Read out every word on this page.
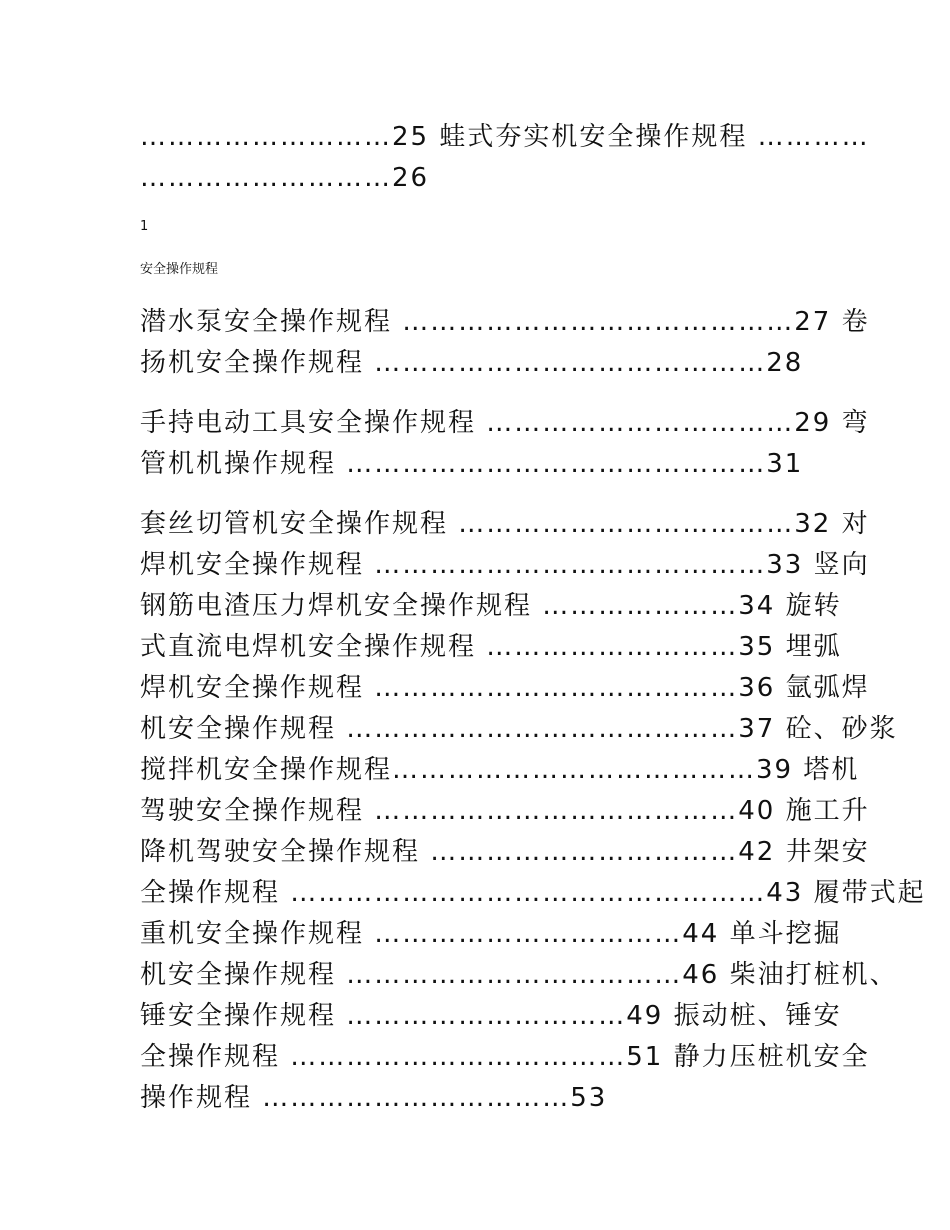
………………………25 蛙式夯实机安全操作规程 …………
………………………26
1
安全操作规程
潜水泵安全操作规程 ……………………………………27 卷
扬机安全操作规程 ……………………………………28
手持电动工具安全操作规程 ……………………………29 弯
管机机操作规程 ………………………………………31
套丝切管机安全操作规程 ………………………………32 对
焊机安全操作规程 ……………………………………33 竖向
钢筋电渣压力焊机安全操作规程 …………………34 旋转
式直流电焊机安全操作规程 ………………………35 埋弧
焊机安全操作规程 …………………………………36 氩弧焊
机安全操作规程 ……………………………………37 砼、砂浆
搅拌机安全操作规程…………………………………39 塔机
驾驶安全操作规程 …………………………………40 施工升
降机驾驶安全操作规程 ……………………………42 井架安
全操作规程 ……………………………………………43 履带式起
重机安全操作规程 ……………………………44 单斗挖掘
机安全操作规程 ………………………………46 柴油打桩机、
锤安全操作规程 …………………………49 振动桩、锤安
全操作规程 ………………………………51 静力压桩机安全
操作规程 ……………………………53
